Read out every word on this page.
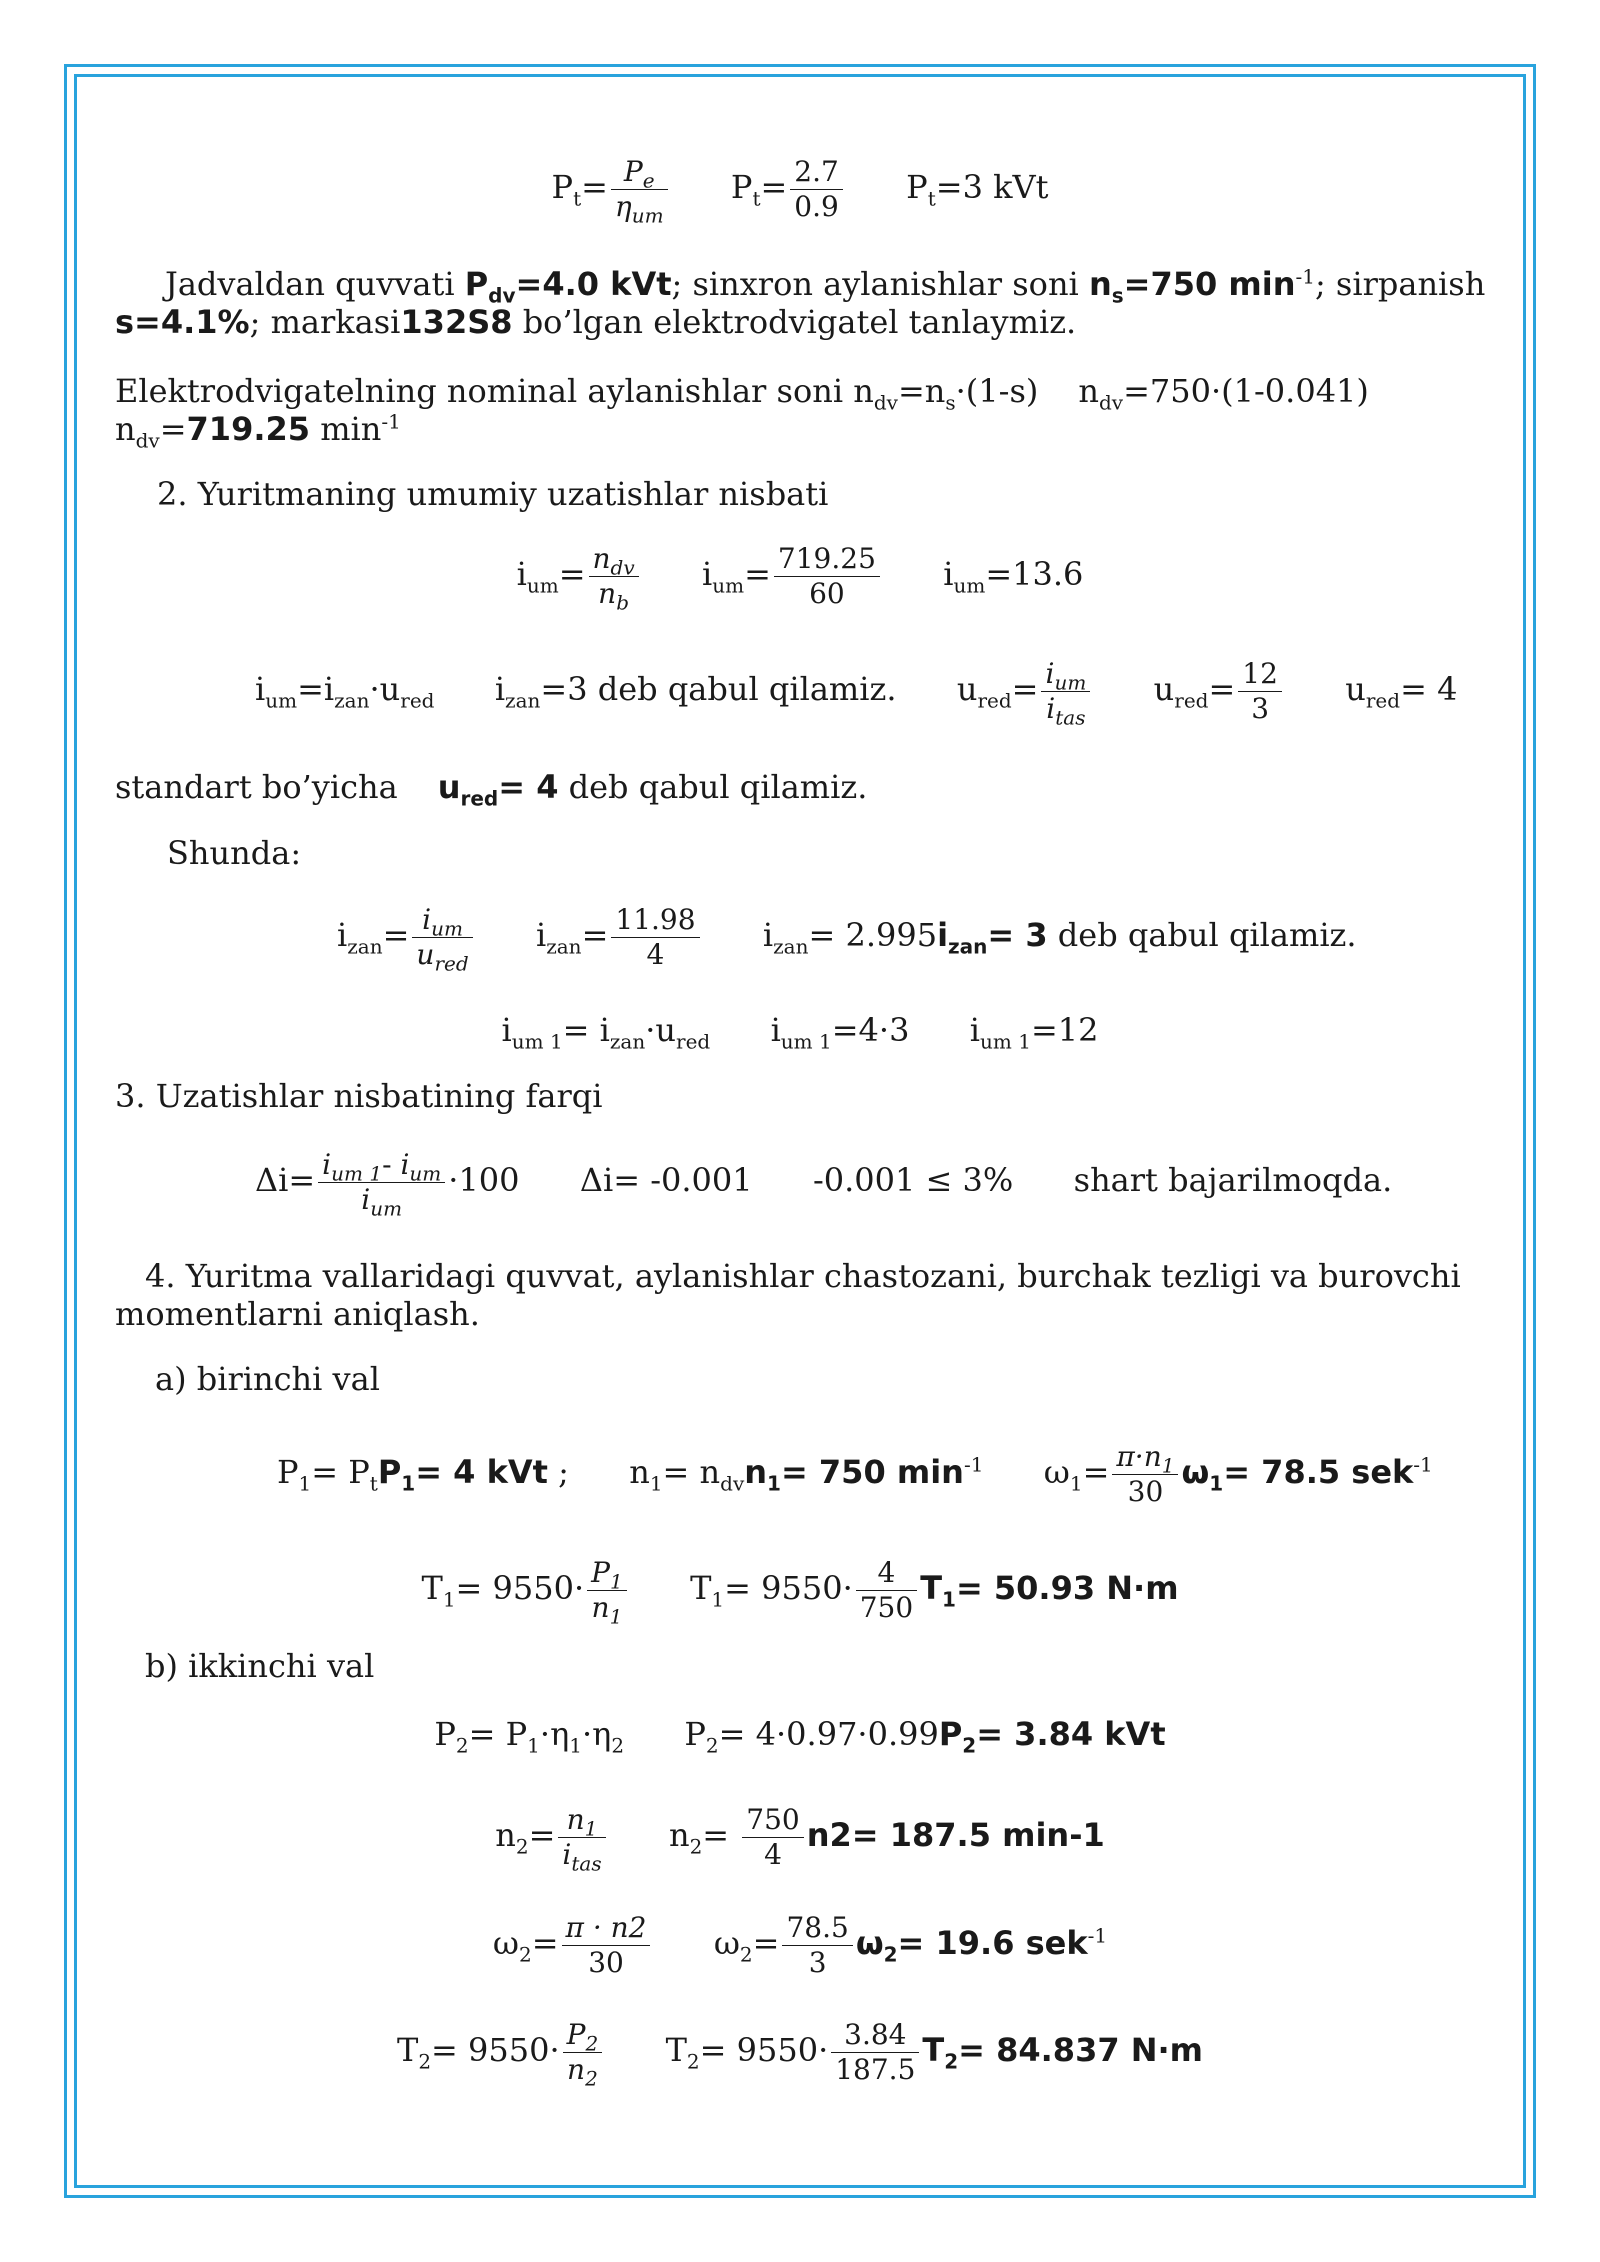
$P_t= \frac{P_e}{\eta_{um}} P_t= \frac{2.7}{0.9} P_t=3$ kVt
Jadvaldan quvvati $P_{dv}=4.0$ kVt; sinxron aylanishlar soni $n_s=750$ $\min^{-1}$; sirpanish
s=4.1%; markasi132S8 bo’lgan elektrodvigatel tanlaymiz.
Elektrodvigatelning nominal aylanishlar soni $n_{dv}=n_s\cdot(1-s)$ $n_{dv}=750\cdot(1-0.041)$
$n_{dv}=719.25$ $\min^{-1}$
2. Yuritmaning umumiy uzatishlar nisbati
$i_{um}= \frac{n_{dv}}{n_b} i_{um}= \frac{719.25}{60} i_{um}=13.6$
$i_{um}=i_{zan}\cdot u_{red}$ $i_{zan}=3$ deb qabul qilamiz. $u_{red}= \frac{i_{um}}{i_{tas}} u_{red}= \frac{12}{3} u_{red}= 4$
standart bo’yicha $u_{red}= 4$ deb qabul qilamiz.
Shunda:
$i_{zan}= \frac{i_{um}}{u_{red}} i_{zan}= \frac{11.98}{4} i_{zan}= 2.995i_{zan}= 3$ deb qabul qilamiz.
$i_{um 1}= i_{zan}\cdot u_{red}$ $i_{um 1}=4\cdot 3$ $i_{um 1}=12$
3. Uzatishlar nisbatining farqi
$\Delta i= \frac{i_{um 1}- i_{um}}{i_{um}} \cdot 100$ Δi= -0.001 -0.001 ≤ 3% shart bajarilmoqda.
4. Yuritma vallaridagi quvvat, aylanishlar chastozani, burchak tezligi va burovchi momentlarni aniqlash.
a) birinchi val
$P_1= P_tP_1= 4$ kVt ; $n_1= n_{dv}n_1= 750$ $\min^{-1} \omega_1= \frac{\pi\cdot n_1}{30} \omega_1= 78.5$ sek$^{-1}$
$T_1= 9550\cdot \frac{P_1}{n_1} T_1= 9550\cdot \frac{4}{750} T_1= 50.93$ N·m
b) ikkinchi val
$P_2= P_1\cdot\eta_1\cdot\eta_2$ $P_2= 4\cdot 0.97\cdot 0.99P_2= 3.84$ kVt
$n_2= \frac{n_1}{i_{tas}} n_2= \frac{750}{4} n2= 187.5$ min-1
$\omega_2= \frac{\pi \cdot n2}{30} \omega_2= \frac{78.5}{3} \omega_2= 19.6$ sek$^{-1}$
$T_2= 9550\cdot \frac{P_2}{n_2} T_2= 9550\cdot \frac{3.84}{187.5} T_2= 84.837$ N·m
